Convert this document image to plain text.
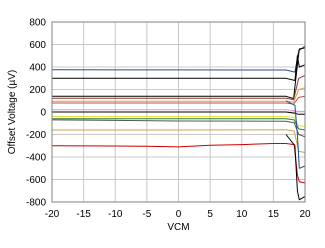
-800
-600
-400
-200
0
200
400
600
800
-20 -15 -10 -5 0	5 10 15 20
VCM
Offset Voltage (µV)
